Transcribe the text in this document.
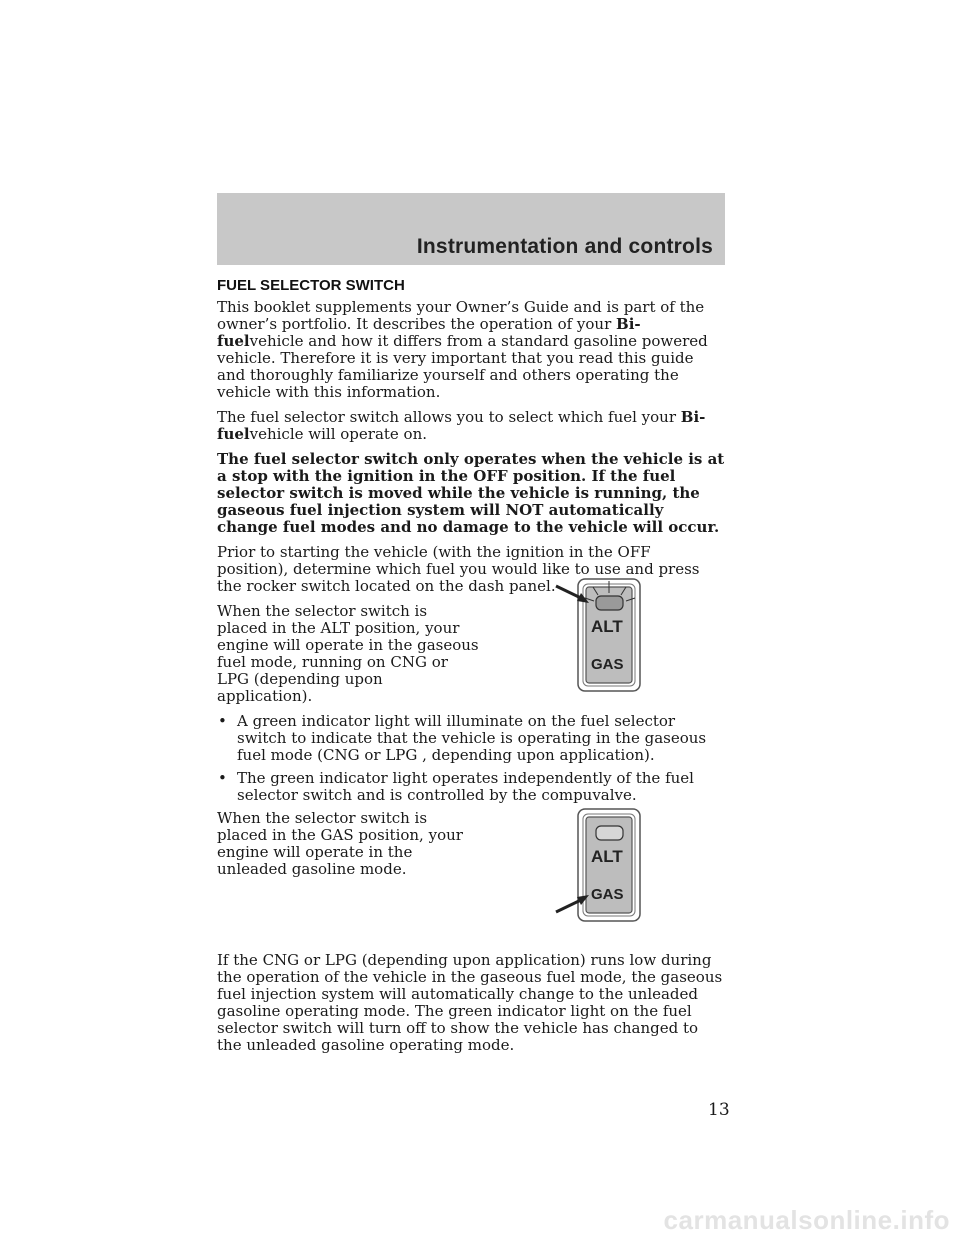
Instrumentation and controls
FUEL SELECTOR SWITCH

This booklet supplements your Owner’s Guide and is part of the owner’s portfolio. It describes the operation of your Bi-fuelvehicle and how it differs from a standard gasoline powered vehicle. Therefore it is very important that you read this guide and thoroughly familiarize yourself and others operating the vehicle with this information.

The fuel selector switch allows you to select which fuel your Bi-fuelvehicle will operate on.

The fuel selector switch only operates when the vehicle is at a stop with the ignition in the OFF position. If the fuel selector switch is moved while the vehicle is running, the gaseous fuel injection system will NOT automatically change fuel modes and no damage to the vehicle will occur.

Prior to starting the vehicle (with the ignition in the OFF position), determine which fuel you would like to use and press the rocker switch located on the dash panel.

When the selector switch is placed in the ALT position, your engine will operate in the gaseous fuel mode, running on CNG or LPG (depending upon application).

• A green indicator light will illuminate on the fuel selector switch to indicate that the vehicle is operating in the gaseous fuel mode (CNG or LPG , depending upon application).
• The green indicator light operates independently of the fuel selector switch and is controlled by the compuvalve.
ALT
GAS

When the selector switch is placed in the GAS position, your engine will operate in the unleaded gasoline mode.

ALT
GAS

If the CNG or LPG (depending upon application) runs low during the operation of the vehicle in the gaseous fuel mode, the gaseous fuel injection system will automatically change to the unleaded gasoline operating mode. The green indicator light on the fuel selector switch will turn off to show the vehicle has changed to the unleaded gasoline operating mode.

13
carmanualsonline.info
